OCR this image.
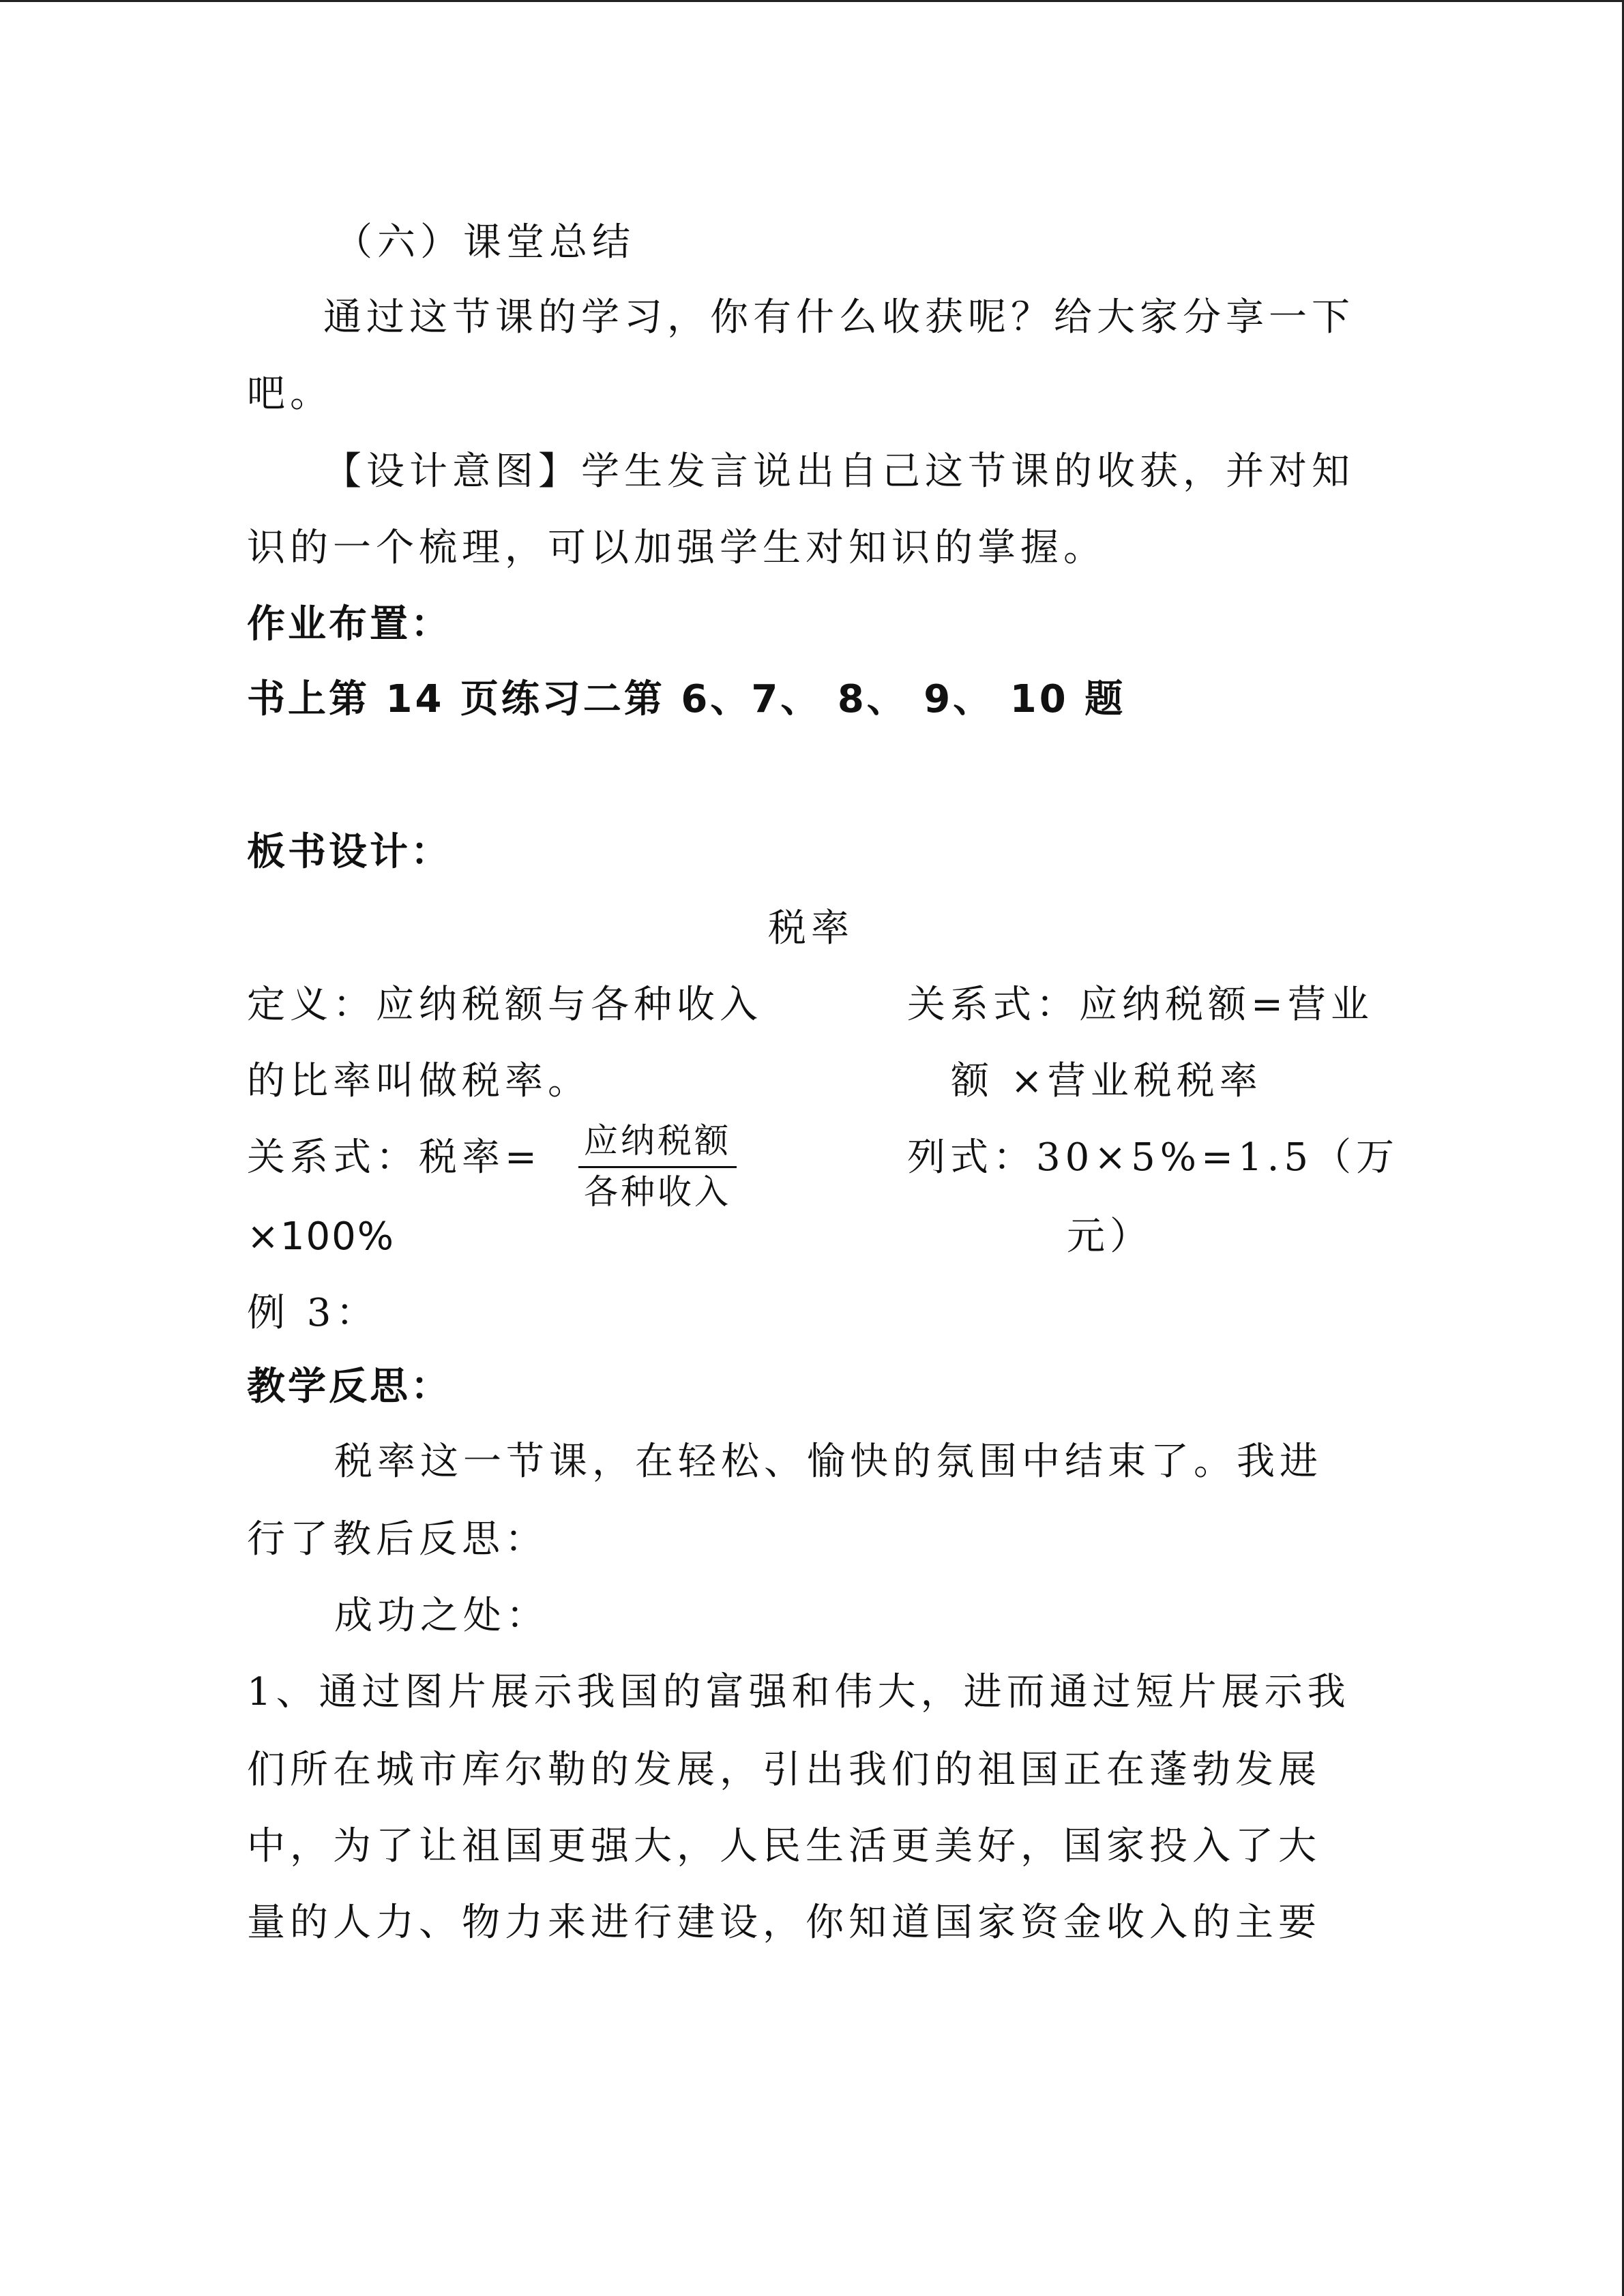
（六）课堂总结
通过这节课的学习，你有什么收获呢？给大家分享一下
吧。
【设计意图】学生发言说出自己这节课的收获，并对知
识的一个梳理，可以加强学生对知识的掌握。
作业布置：
书上第 14 页练习二第 6、7、 8、 9、 10 题
板书设计：
税率
定义：应纳税额与各种收入
的比率叫做税率。
关系式：税率= 应纳税额
各种收入
×100%
例 3：
关系式：应纳税额=营业
额 ×营业税税率
列式：30×5%=1.5（万
元）
教学反思：
税率这一节课，在轻松、愉快的氛围中结束了。我进
行了教后反思：
成功之处：
1、通过图片展示我国的富强和伟大，进而通过短片展示我
们所在城市库尔勒的发展，引出我们的祖国正在蓬勃发展
中，为了让祖国更强大，人民生活更美好，国家投入了大
量的人力、物力来进行建设，你知道国家资金收入的主要
